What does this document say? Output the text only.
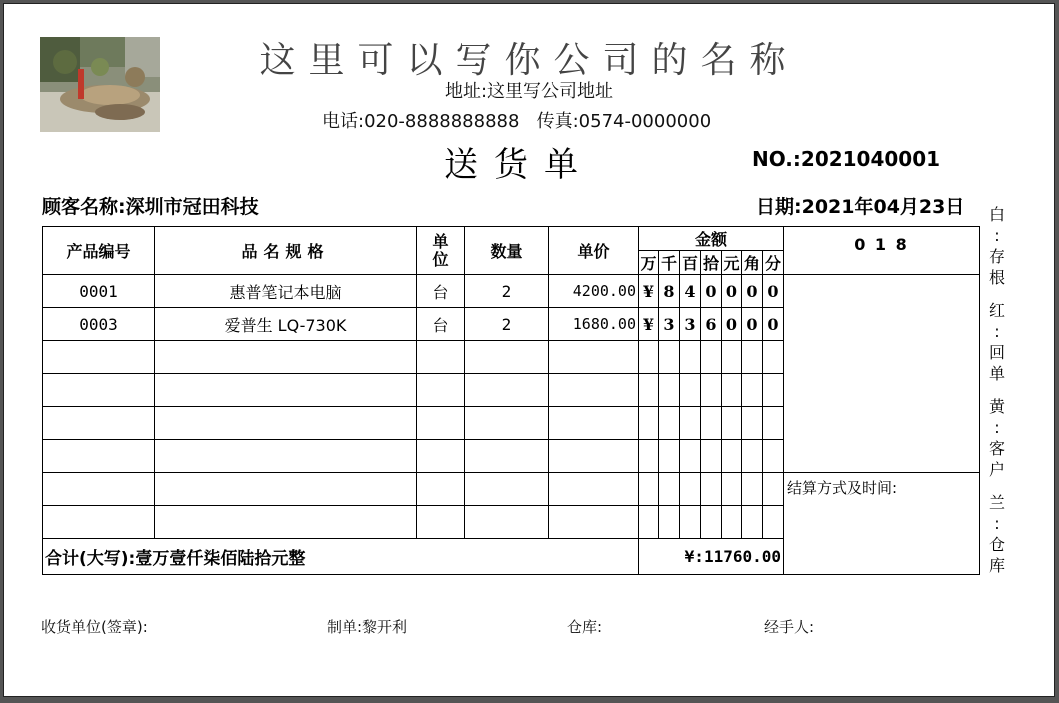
这里可以写你公司的名称
地址:这里写公司地址
电话:020-8888888888 传真:0574-0000000
送货单	NO.:2021040001
顾客名称:深圳市冠田科技	日期:2021年04月23日 白
:
存
根
红
:
回
单
黄
:
客
户
兰
:
仓
库
产品编号	品名规格	单位	数量	单价	金额							0 1 8
					万	千	百	拾	元	角	分	
0001	惠普笔记本电脑	台	2	4200.00	¥	8	4	0	0	0	0	
0003	爱普生 LQ-730K	台	2	1680.00	¥	3	3	6	0	0	0	

												结算方式及时间:

合计(大写):壹万壹仟柒佰陆拾元整					¥:11760.00							
收货单位(签章):	制单:黎开利	仓库:	经手人:
